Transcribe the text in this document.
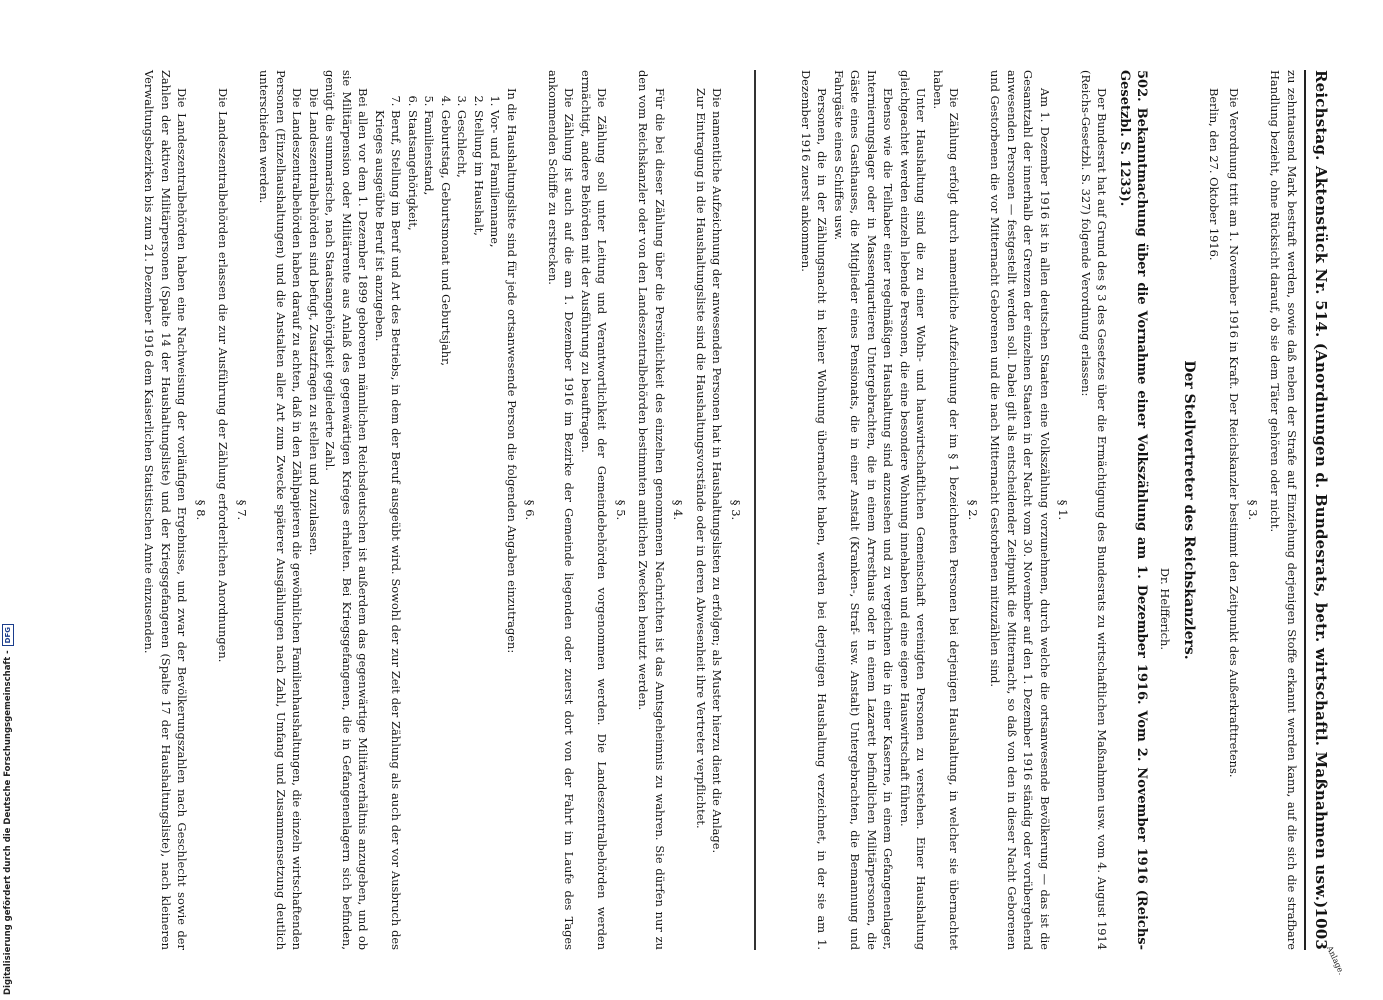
Reichstag. Aktenstück Nr. 514. (Anordnungen d. Bundesrats, betr. wirtschaftl. Maßnahmen usw.)
1003
Anlage.

zu zehntausend Mark bestraft werden, sowie daß neben der Strafe auf Einziehung derjenigen Stoffe erkannt werden kann, auf die sich die strafbare Handlung bezieht, ohne Rücksicht darauf, ob sie dem Täter gehören oder nicht.

§ 3.

Die Verordnung tritt am 1. November 1916 in Kraft. Der Reichskanzler bestimmt den Zeitpunkt des Außerkrafttretens.

Berlin, den 27. Oktober 1916.

Der Stellvertreter des Reichskanzlers.

Dr. Helfferich.

502. Bekanntmachung über die Vornahme einer Volkszählung am 1. Dezember 1916. Vom 2. November 1916 (Reichs-Gesetzbl. S. 1233).

Der Bundesrat hat auf Grund des § 3 des Gesetzes über die Ermächtigung des Bundesrats zu wirtschaftlichen Maßnahmen usw. vom 4. August 1914 (Reichs-Gesetzbl. S. 327) folgende Verordnung erlassen:

§ 1.

Am 1. Dezember 1916 ist in allen deutschen Staaten eine Volkszählung vorzunehmen, durch welche die ortsanwesende Bevölkerung — das ist die Gesamtzahl der innerhalb der Grenzen der einzelnen Staaten in der Nacht vom 30. November auf den 1. Dezember 1916 ständig oder vorübergehend anwesenden Personen — festgestellt werden soll. Dabei gilt als entscheidender Zeitpunkt die Mitternacht, so daß von den in dieser Nacht Geborenen und Gestorbenen die vor Mitternacht Geborenen und die nach Mitternacht Gestorbenen mitzuzählen sind.

§ 2.

Die Zählung erfolgt durch namentliche Aufzeichnung der im § 1 bezeichneten Personen bei derjenigen Haushaltung, in welcher sie übernachtet haben.

Unter Haushaltung sind die zu einer Wohn- und hauswirtschaftlichen Gemeinschaft vereinigten Personen zu verstehen. Einer Haushaltung gleichgeachtet werden einzeln lebende Personen, die eine besondere Wohnung innehaben und eine eigene Hauswirtschaft führen.

Ebenso wie die Teilhaber einer regelmäßigen Haushaltung sind anzusehen und zu vergeichnen die in einer Kaserne, in einem Gefangenenlager, Internierungslager oder in Massenquartieren Untergebrachten, die in einem Arresthaus oder in einem Lazarett befindlichen Militärpersonen, die Gäste eines Gasthauses, die Mitglieder eines Pensionats, die in einer Anstalt (Kranken-, Straf- usw. Anstalt) Untergebrachten, die Bemannung und Fahrgäste eines Schiffes usw.

Personen, die in der Zählungsnacht in keiner Wohnung übernachtet haben, werden bei derjenigen Haushaltung verzeichnet, in der sie am 1. Dezember 1916 zuerst ankommen.

§ 3.

Die namentliche Aufzeichnung der anwesenden Personen hat in Haushaltungslisten zu erfolgen; als Muster hierzu dient die Anlage.

Zur Eintragung in die Haushaltungsliste sind die Haushaltungsvorstände oder in deren Abwesenheit ihre Vertreter verpflichtet.

§ 4.

Für die bei dieser Zählung über die Persönlichkeit des einzelnen genommenen Nachrichten ist das Amtsgeheimnis zu wahren. Sie dürfen nur zu den vom Reichskanzler oder von den Landeszentralbehörden bestimmten amtlichen Zwecken benutzt werden.

§ 5.

Die Zählung soll unter Leitung und Verantwortlichkeit der Gemeindebehörden vorgenommen werden. Die Landeszentralbehörden werden ermächtigt, andere Behörden mit der Ausführung zu beauftragen.

Die Zählung ist auch auf die am 1. Dezember 1916 im Bezirke der Gemeinde liegenden oder zuerst dort von der Fahrt im Laufe des Tages ankommenden Schiffe zu erstrecken.

§ 6.

In die Haushaltungsliste sind für jede ortsanwesende Person die folgenden Angaben einzutragen:

1. Vor- und Familienname,
2. Stellung im Haushalt,
3. Geschlecht,
4. Geburtstag, Geburtsmonat und Geburtsjahr,
5. Familienstand,
6. Staatsangehörigkeit,
7. Beruf, Stellung im Beruf und Art des Betriebs, in dem der Beruf ausgeübt wird. Sowohl der zur Zeit der Zählung als auch der vor Ausbruch des Krieges ausgeübte Beruf ist anzugeben.

Bei allen vor dem 1. Dezember 1899 geborenen männlichen Reichsdeutschen ist außerdem das gegenwärtige Militärverhältnis anzugeben, und ob sie Militärpension oder Militärrente aus Anlaß des gegenwärtigen Krieges erhalten. Bei Kriegsgefangenen, die in Gefangenenlagern sich befinden, genügt die summarische, nach Staatsangehörigkeit gegliederte Zahl.

Die Landeszentralbehörden sind befugt, Zusatzfragen zu stellen und zuzulassen.

Die Landeszentralbehörden haben darauf zu achten, daß in den Zählpapieren die gewöhnlichen Familienhaushaltungen, die einzeln wirtschaftenden Personen (Einzelhaushaltungen) und die Anstalten aller Art zum Zwecke späterer Ausgählungen nach Zahl, Umfang und Zusammensetzung deutlich unterschieden werden.

§ 7.

Die Landeszentralbehörden erlassen die zur Ausführung der Zählung erforderlichen Anordnungen.

§ 8.

Die Landeszentralbehörden haben eine Nachweisung der vorläufigen Ergebnisse, und zwar der Bevölkerungszahlen nach Geschlecht sowie der Zahlen der aktiven Militärpersonen (Spalte 14 der Haushaltungsliste) und der Kriegsgefangenen (Spalte 17 der Haushaltungsliste), nach kleineren Verwaltungsbezirken bis zum 21. Dezember 1916 dem Kaiserlichen Statistischen Amte einzusenden.

Digitalisierung gefördert durch die Deutsche Forschungsgemeinschaft -
DFG
